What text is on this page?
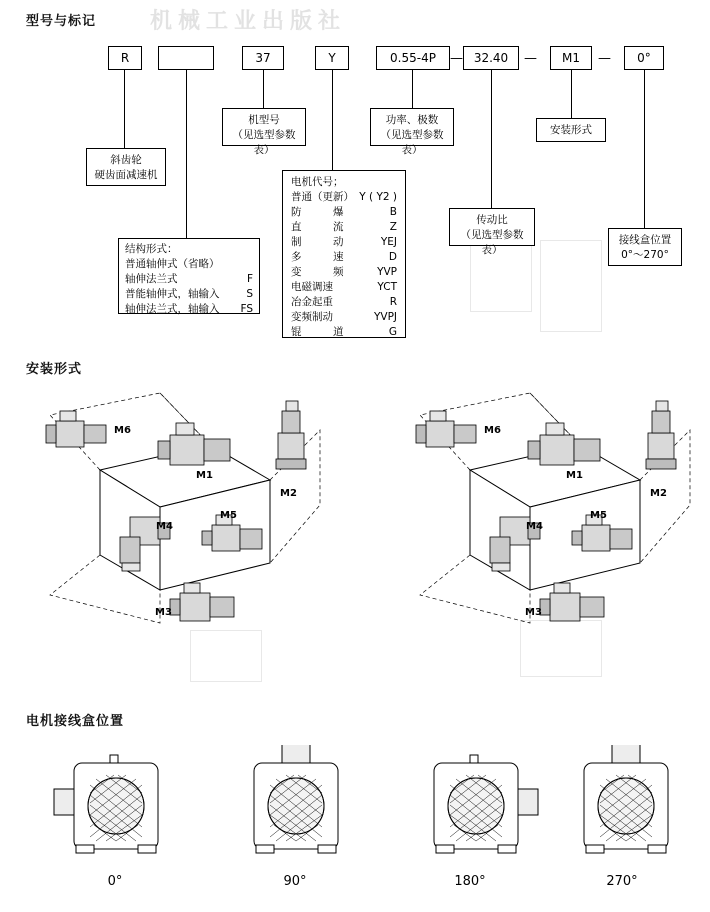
机械工业出版社
型号与标记
R	37	Y	0.55-4P	32.40	M1	0°
—	—	—
机型号
（见选型参数表）
功率、极数
（见选型参数表）
安装形式
斜齿轮
硬齿面减速机
传动比
（见选型参数表）
接线盒位置
0°～270°
电机代号；
普通（更新） Y ( Y2 )
防　　　爆	B
直　　　流	Z
制　　　动	YEJ
多　　　速	D
变　　　频	YVP
电磁调速	YCT
冶金起重	R
变频制动	YVPJ
锟　　　道	G
结构形式：
普通轴伸式（省略）
轴伸法兰式	F
普能轴伸式，轴输入	S
轴伸法兰式，轴输入 FS
安装形式
M6
M1
M2
M4
M5
M3
M6
M1
M2
M4
M5
M3
电机接线盒位置
0°	90°	180°	270°
